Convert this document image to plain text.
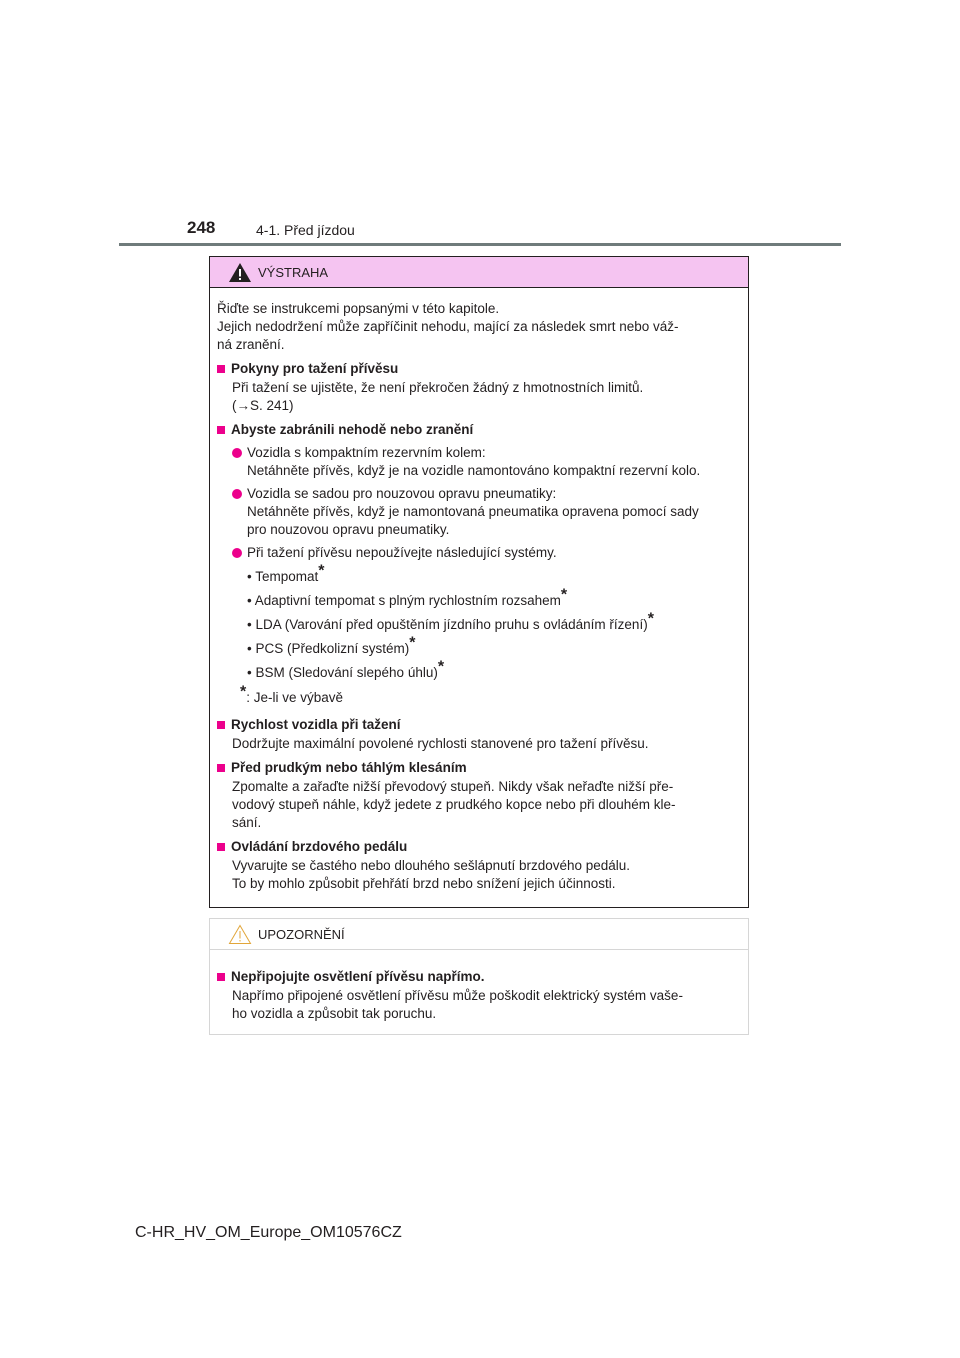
248	4-1. Před jízdou
VÝSTRAHA
Řiďte se instrukcemi popsanými v této kapitole.
Jejich nedodržení může zapříčinit nehodu, mající za následek smrt nebo váž-
ná zranění.
Pokyny pro tažení přívěsu
Při tažení se ujistěte, že není překročen žádný z hmotnostních limitů.
(→S. 241)
Abyste zabránili nehodě nebo zranění
Vozidla s kompaktním rezervním kolem:
Netáhněte přívěs, když je na vozidle namontováno kompaktní rezervní kolo.
Vozidla se sadou pro nouzovou opravu pneumatiky:
Netáhněte přívěs, když je namontovaná pneumatika opravena pomocí sady
pro nouzovou opravu pneumatiky.
Při tažení přívěsu nepoužívejte následující systémy.
• Tempomat*
• Adaptivní tempomat s plným rychlostním rozsahem*
• LDA (Varování před opuštěním jízdního pruhu s ovládáním řízení)*
• PCS (Předkolizní systém)*
• BSM (Sledování slepého úhlu)*
*: Je-li ve výbavě
Rychlost vozidla při tažení
Dodržujte maximální povolené rychlosti stanovené pro tažení přívěsu.
Před prudkým nebo táhlým klesáním
Zpomalte a zařaďte nižší převodový stupeň. Nikdy však neřaďte nižší pře-
vodový stupeň náhle, když jedete z prudkého kopce nebo při dlouhém kle-
sání.
Ovládání brzdového pedálu
Vyvarujte se častého nebo dlouhého sešlápnutí brzdového pedálu.
To by mohlo způsobit přehřátí brzd nebo snížení jejich účinnosti.
UPOZORNĚNÍ
Nepřipojujte osvětlení přívěsu napřímo.
Napřímo připojené osvětlení přívěsu může poškodit elektrický systém vaše-
ho vozidla a způsobit tak poruchu.
C-HR_HV_OM_Europe_OM10576CZ
